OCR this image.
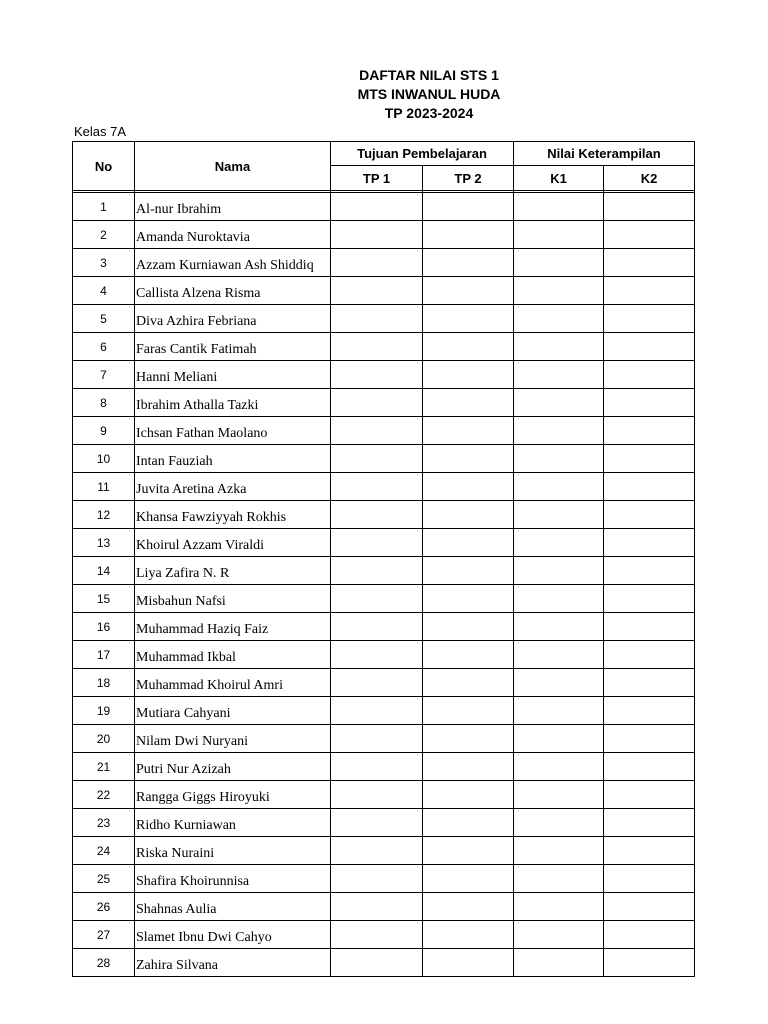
DAFTAR NILAI STS 1
MTS INWANUL HUDA
TP 2023-2024
Kelas 7A
No	Nama	Tujuan Pembelajaran		Nilai Keterampilan	
		TP 1	TP 2	K1	K2

1	Al-nur Ibrahim				
2	Amanda Nuroktavia				
3	Azzam Kurniawan Ash Shiddiq				
4	Callista Alzena Risma				
5	Diva Azhira Febriana				
6	Faras Cantik Fatimah				
7	Hanni Meliani				
8	Ibrahim Athalla Tazki				
9	Ichsan Fathan Maolano				
10	Intan Fauziah				
11	Juvita Aretina Azka				
12	Khansa Fawziyyah Rokhis				
13	Khoirul Azzam Viraldi				
14	Liya Zafira N. R				
15	Misbahun Nafsi				
16	Muhammad Haziq Faiz				
17	Muhammad Ikbal				
18	Muhammad Khoirul Amri				
19	Mutiara Cahyani				
20	Nilam Dwi Nuryani				
21	Putri Nur Azizah				
22	Rangga Giggs Hiroyuki				
23	Ridho Kurniawan				
24	Riska Nuraini				
25	Shafira Khoirunnisa				
26	Shahnas Aulia				
27	Slamet Ibnu Dwi Cahyo				
28	Zahira Silvana				
